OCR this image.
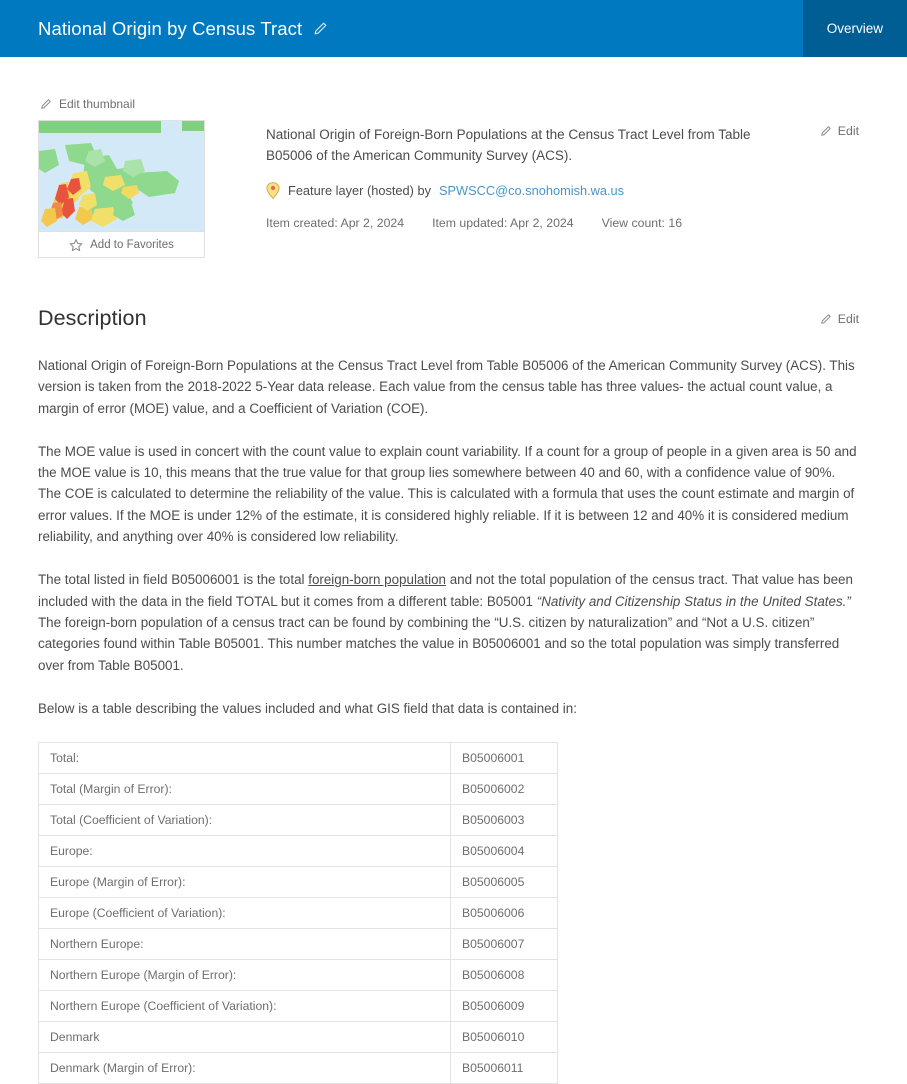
National Origin by Census Tract	Overview
Edit thumbnail
Add to Favorites
National Origin of Foreign-Born Populations at the Census Tract Level from Table B05006 of the American Community Survey (ACS).
Feature layer (hosted) by SPWSCC@co.snohomish.wa.us
Item created: Apr 2, 2024 Item updated: Apr 2, 2024 View count: 16
Edit
Description	Edit

National Origin of Foreign-Born Populations at the Census Tract Level from Table B05006 of the American Community Survey (ACS). This version is taken from the 2018-2022 5-Year data release. Each value from the census table has three values- the actual count value, a margin of error (MOE) value, and a Coefficient of Variation (COE).

The MOE value is used in concert with the count value to explain count variability. If a count for a group of people in a given area is 50 and the MOE value is 10, this means that the true value for that group lies somewhere between 40 and 60, with a confidence value of 90%. The COE is calculated to determine the reliability of the value. This is calculated with a formula that uses the count estimate and margin of error values. If the MOE is under 12% of the estimate, it is considered highly reliable. If it is between 12 and 40% it is considered medium reliability, and anything over 40% is considered low reliability.

The total listed in field B05006001 is the total foreign-born population and not the total population of the census tract. That value has been included with the data in the field TOTAL but it comes from a different table: B05001 “Nativity and Citizenship Status in the United States.” The foreign-born population of a census tract can be found by combining the “U.S. citizen by naturalization” and “Not a U.S. citizen” categories found within Table B05001. This number matches the value in B05006001 and so the total population was simply transferred over from Table B05001.

Below is a table describing the values included and what GIS field that data is contained in:

Total:	B05006001
Total (Margin of Error):	B05006002
Total (Coefficient of Variation):	B05006003
Europe:	B05006004
Europe (Margin of Error):	B05006005
Europe (Coefficient of Variation):	B05006006
Northern Europe:	B05006007
Northern Europe (Margin of Error):	B05006008
Northern Europe (Coefficient of Variation):	B05006009
Denmark	B05006010
Denmark (Margin of Error):	B05006011
